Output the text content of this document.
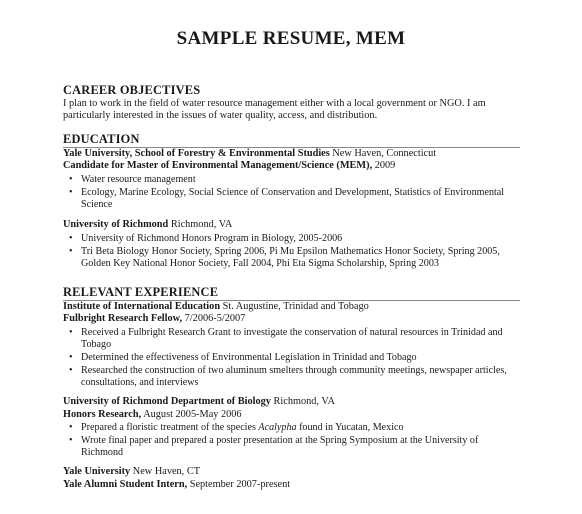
SAMPLE RESUME, MEM
CAREER OBJECTIVES
I plan to work in the field of water resource management either with a local government or NGO. I am particularly interested in the issues of water quality, access, and distribution.
EDUCATION
Yale University, School of Forestry & Environmental Studies New Haven, Connecticut
Candidate for Master of Environmental Management/Science (MEM), 2009
• Water resource management
• Ecology, Marine Ecology, Social Science of Conservation and Development, Statistics of Environmental Science
University of Richmond Richmond, VA
• University of Richmond Honors Program in Biology, 2005-2006
• Tri Beta Biology Honor Society, Spring 2006, Pi Mu Epsilon Mathematics Honor Society, Spring 2005, Golden Key National Honor Society, Fall 2004, Phi Eta Sigma Scholarship, Spring 2003
RELEVANT EXPERIENCE
Institute of International Education St. Augustine, Trinidad and Tobago
Fulbright Research Fellow, 7/2006-5/2007
• Received a Fulbright Research Grant to investigate the conservation of natural resources in Trinidad and Tobago
• Determined the effectiveness of Environmental Legislation in Trinidad and Tobago
• Researched the construction of two aluminum smelters through community meetings, newspaper articles, consultations, and interviews
University of Richmond Department of Biology Richmond, VA
Honors Research, August 2005-May 2006
• Prepared a floristic treatment of the species Acalypha found in Yucatan, Mexico
• Wrote final paper and prepared a poster presentation at the Spring Symposium at the University of Richmond
Yale University New Haven, CT
Yale Alumni Student Intern, September 2007-present
